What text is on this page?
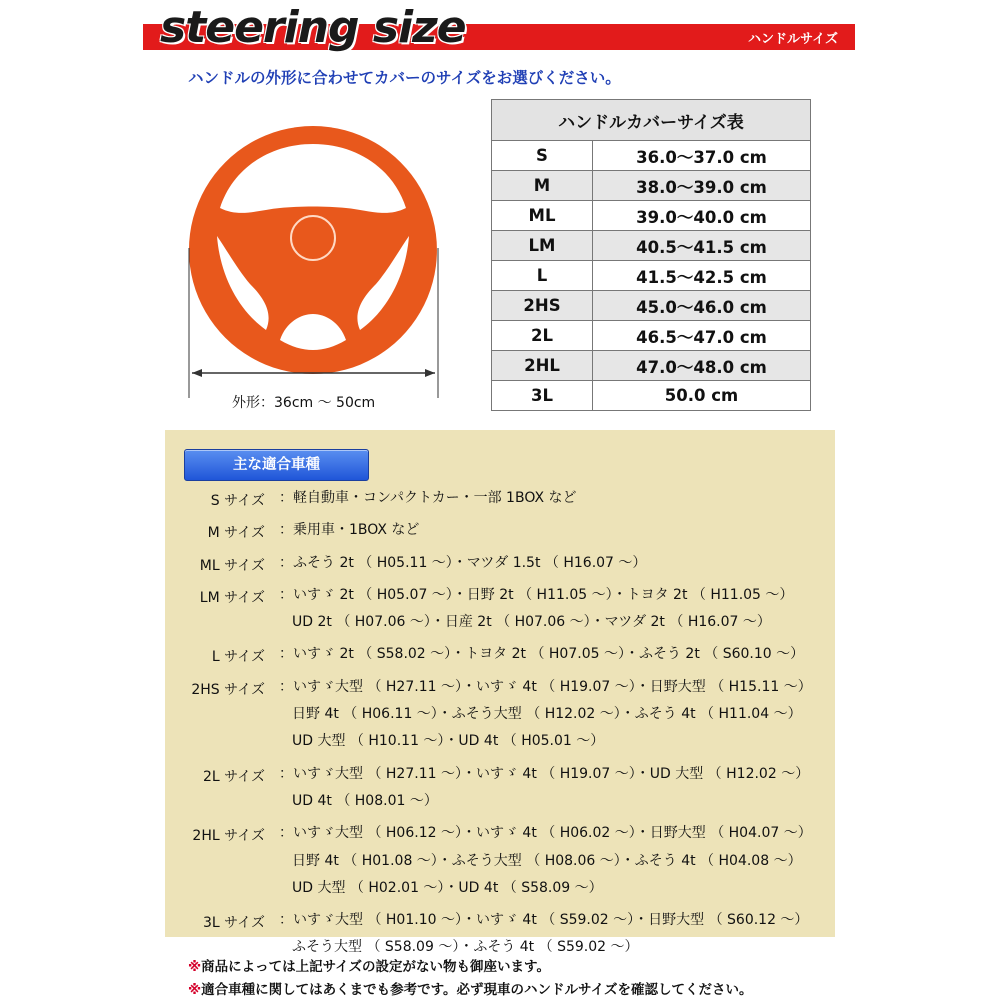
steering size	ハンドルサイズ
ハンドルの外形に合わせてカバーのサイズをお選びください。
外形：36cm ～ 50cm
ハンドルカバーサイズ表	
S	36.0～37.0 cm
M	38.0～39.0 cm
ML	39.0～40.0 cm
LM	40.5～41.5 cm
L	41.5～42.5 cm
2HS	45.0～46.0 cm
2L	46.5～47.0 cm
2HL	47.0～48.0 cm
3L	50.0 cm
主な適合車種
S サイズ ：軽自動車・コンパクトカー・一部 1BOX など
M サイズ ：乗用車・1BOX など
ML サイズ ：ふそう 2t （ H05.11 ～）・マツダ 1.5t （ H16.07 ～）
LM サイズ ：いすゞ 2t （ H05.07 ～）・日野 2t （ H11.05 ～）・トヨタ 2t （ H11.05 ～）
UD 2t （ H07.06 ～）・日産 2t （ H07.06 ～）・マツダ 2t （ H16.07 ～）
L サイズ ：いすゞ 2t （ S58.02 ～）・トヨタ 2t （ H07.05 ～）・ふそう 2t （ S60.10 ～）
2HS サイズ ：いすゞ大型 （ H27.11 ～）・いすゞ 4t （ H19.07 ～）・日野大型 （ H15.11 ～）
日野 4t （ H06.11 ～）・ふそう大型 （ H12.02 ～）・ふそう 4t （ H11.04 ～）
UD 大型 （ H10.11 ～）・UD 4t （ H05.01 ～）
2L サイズ ：いすゞ大型 （ H27.11 ～）・いすゞ 4t （ H19.07 ～）・UD 大型 （ H12.02 ～）
UD 4t （ H08.01 ～）
2HL サイズ ：いすゞ大型 （ H06.12 ～）・いすゞ 4t （ H06.02 ～）・日野大型 （ H04.07 ～）
日野 4t （ H01.08 ～）・ふそう大型 （ H08.06 ～）・ふそう 4t （ H04.08 ～）
UD 大型 （ H02.01 ～）・UD 4t （ S58.09 ～）
3L サイズ ：いすゞ大型 （ H01.10 ～）・いすゞ 4t （ S59.02 ～）・日野大型 （ S60.12 ～）
ふそう大型 （ S58.09 ～）・ふそう 4t （ S59.02 ～）
※商品によっては上記サイズの設定がない物も御座います。
※適合車種に関してはあくまでも参考です。必ず現車のハンドルサイズを確認してください。
